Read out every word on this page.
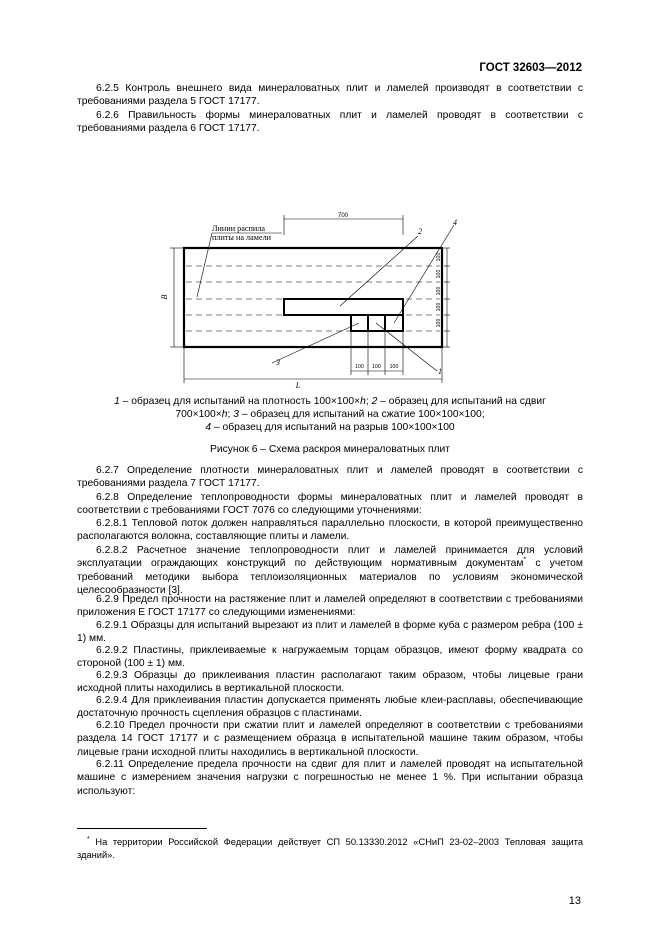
ГОСТ 32603—2012

6.2.5 Контроль внешнего вида минераловатных плит и ламелей производят в соответствии с требованиями раздела 5 ГОСТ 17177.

6.2.6 Правильность формы минераловатных плит и ламелей проводят в соответствии с требованиями раздела 6 ГОСТ 17177.

700
Линии распила
плиты на ламели
100
100
100
100
100
B
100 100 100
L
2
4
3
1
1 – образец для испытаний на плотность 100×100×h; 2 – образец для испытаний на сдвиг
700×100×h; 3 – образец для испытаний на сжатие 100×100×100;
4 – образец для испытаний на разрыв 100×100×100
Рисунок 6 – Схема раскроя минераловатных плит

6.2.7 Определение плотности минераловатных плит и ламелей проводят в соответствии с требованиями раздела 7 ГОСТ 17177.

6.2.8 Определение теплопроводности формы минераловатных плит и ламелей проводят в соответствии с требованиями ГОСТ 7076 со следующими уточнениями:

6.2.8.1 Тепловой поток должен направляться параллельно плоскости, в которой преимущественно располагаются волокна, составляющие плиты и ламели.

6.2.8.2 Расчетное значение теплопроводности плит и ламелей принимается для условий эксплуатации ограждающих конструкций по действующим нормативным документам* с учетом требований методики выбора теплоизоляционных материалов по условиям экономической целесообразности [3].

6.2.9 Предел прочности на растяжение плит и ламелей определяют в соответствии с требованиями приложения Е ГОСТ 17177 со следующими изменениями:

6.2.9.1 Образцы для испытаний вырезают из плит и ламелей в форме куба с размером ребра (100 ± 1) мм.

6.2.9.2 Пластины, приклеиваемые к нагружаемым торцам образцов, имеют форму квадрата со стороной (100 ± 1) мм.

6.2.9.3 Образцы до приклеивания пластин располагают таким образом, чтобы лицевые грани исходной плиты находились в вертикальной плоскости.

6.2.9.4 Для приклеивания пластин допускается применять любые клеи-расплавы, обеспечивающие достаточную прочность сцепления образцов с пластинами.

6.2.10 Предел прочности при сжатии плит и ламелей определяют в соответствии с требованиями раздела 14 ГОСТ 17177 и с размещением образца в испытательной машине таким образом, чтобы лицевые грани исходной плиты находились в вертикальной плоскости.

6.2.11 Определение предела прочности на сдвиг для плит и ламелей проводят на испытательной машине с измерением значения нагрузки с погрешностью не менее 1 %. При испытании образца используют:

* На территории Российской Федерации действует СП 50.13330.2012 «СНиП 23-02–2003 Тепловая защита зданий».
13
